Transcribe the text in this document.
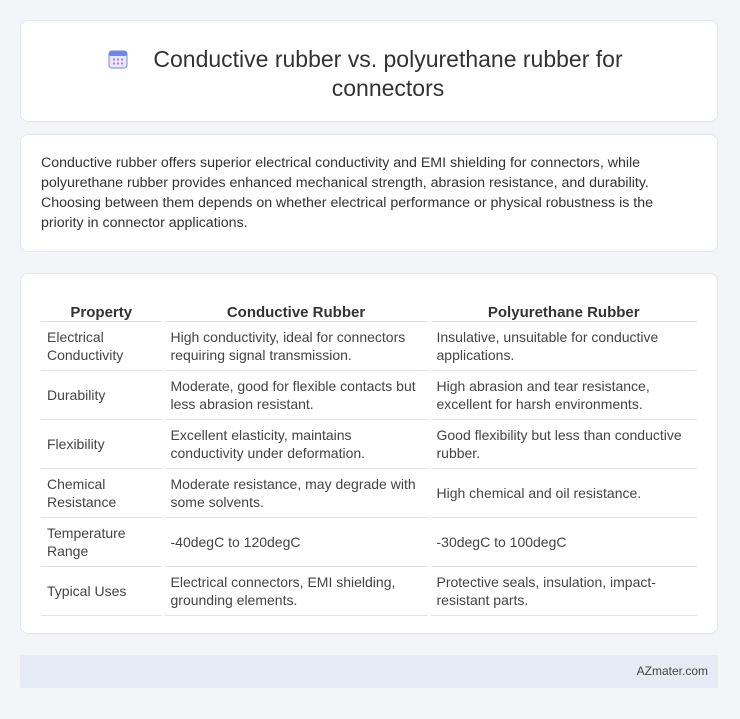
Conductive rubber vs. polyurethane rubber for connectors
Conductive rubber offers superior electrical conductivity and EMI shielding for connectors, while polyurethane rubber provides enhanced mechanical strength, abrasion resistance, and durability. Choosing between them depends on whether electrical performance or physical robustness is the priority in connector applications.
Property	Conductive Rubber	Polyurethane Rubber
Electrical Conductivity	High conductivity, ideal for connectors requiring signal transmission.	Insulative, unsuitable for conductive applications.
Durability	Moderate, good for flexible contacts but less abrasion resistant.	High abrasion and tear resistance, excellent for harsh environments.
Flexibility	Excellent elasticity, maintains conductivity under deformation.	Good flexibility but less than conductive rubber.
Chemical Resistance	Moderate resistance, may degrade with some solvents.	High chemical and oil resistance.
Temperature Range	-40degC to 120degC	-30degC to 100degC
Typical Uses	Electrical connectors, EMI shielding, grounding elements.	Protective seals, insulation, impact-resistant parts.
AZmater.com
